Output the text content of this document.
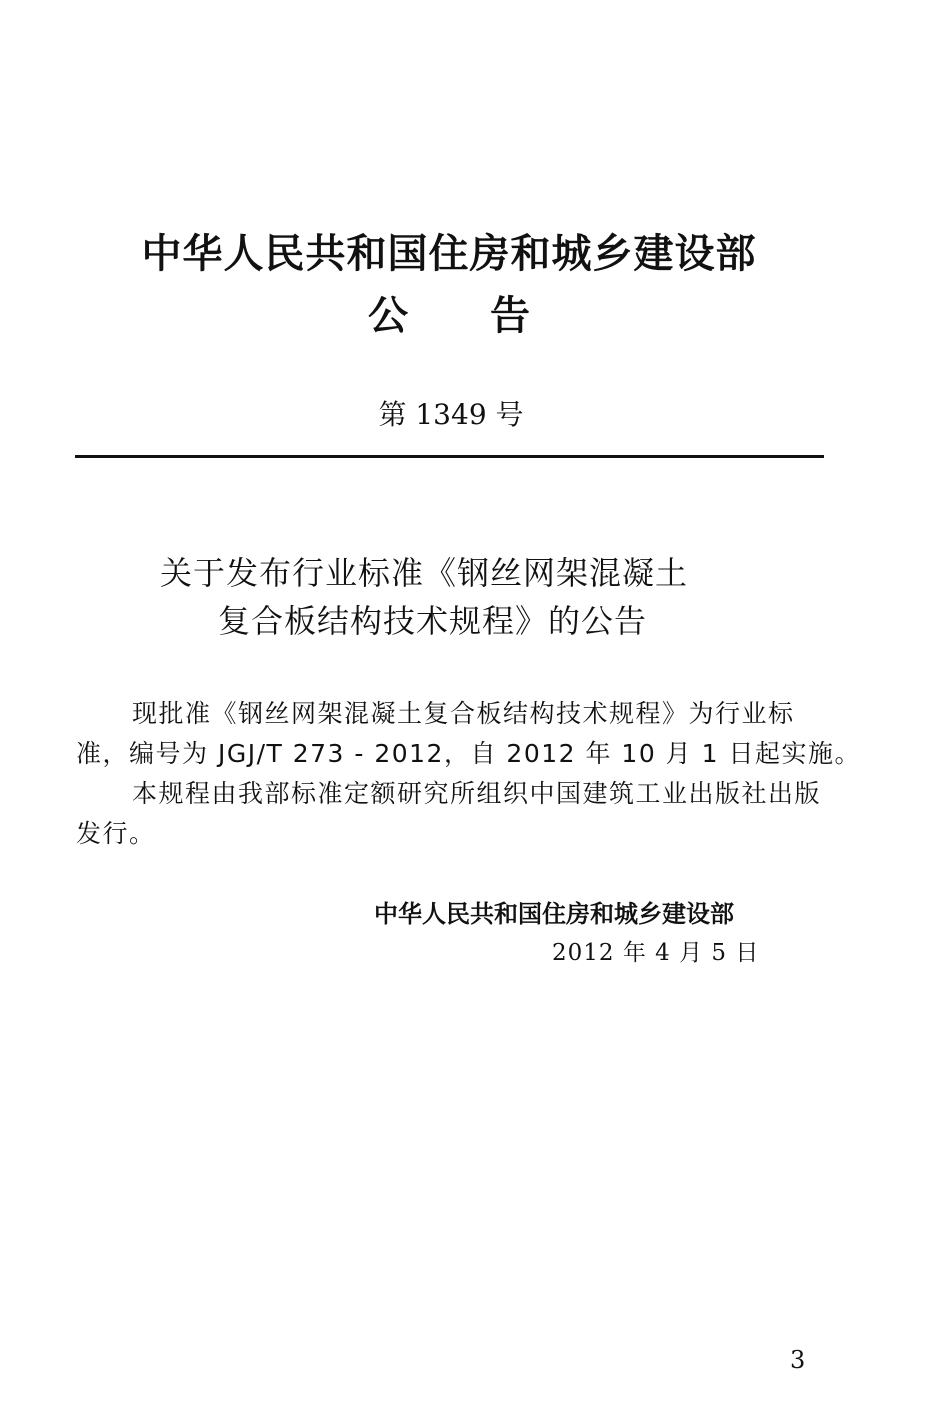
中华人民共和国住房和城乡建设部
公告
第 1349 号
关于发布行业标准《钢丝网架混凝土
复合板结构技术规程》的公告
现批准《钢丝网架混凝土复合板结构技术规程》为行业标
准，编号为 JGJ/T 273 - 2012，自 2012 年 10 月 1 日起实施。
本规程由我部标准定额研究所组织中国建筑工业出版社出版
发行。
中华人民共和国住房和城乡建设部
2012 年 4 月 5 日
3
